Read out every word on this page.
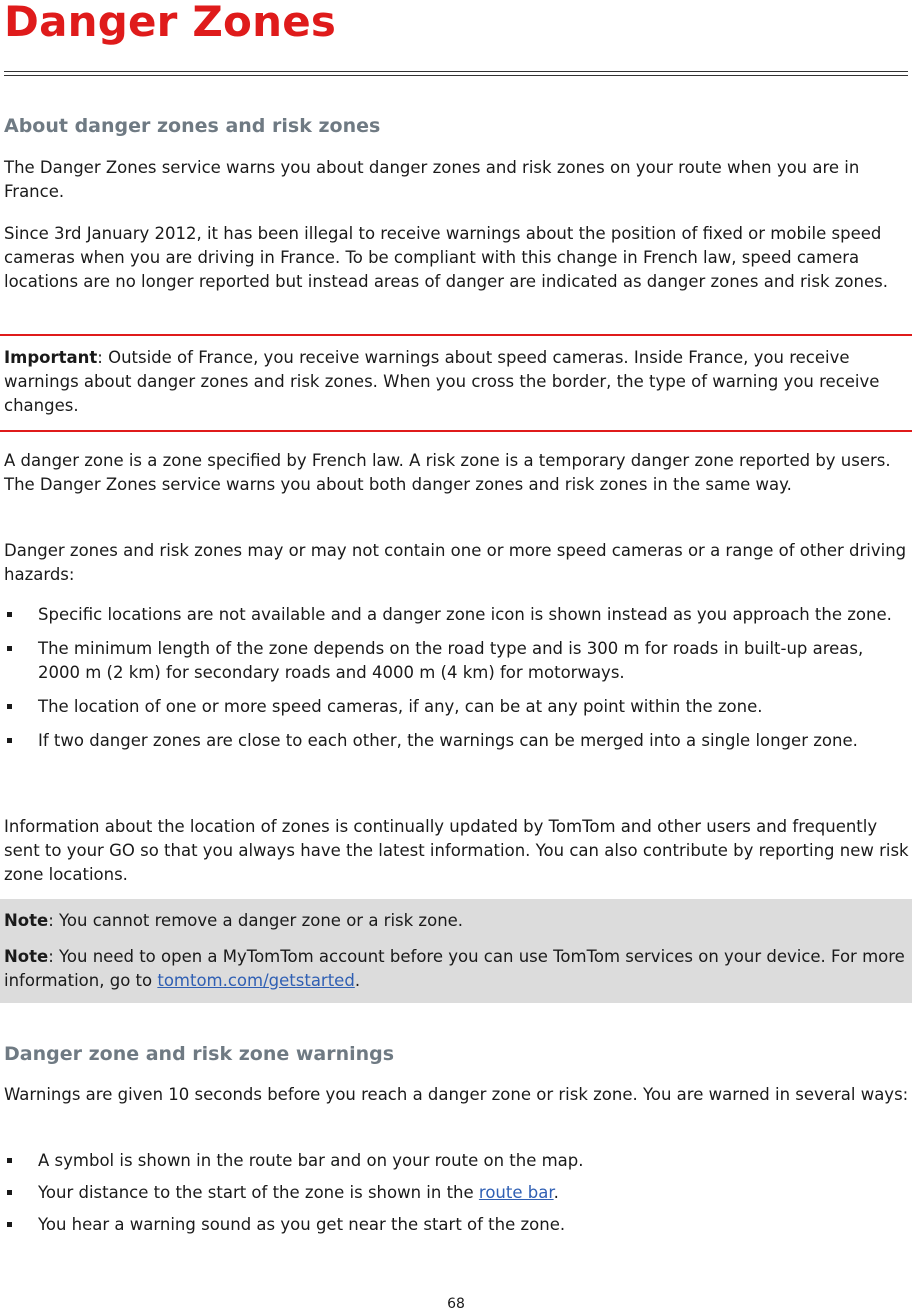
Danger Zones
About danger zones and risk zones

The Danger Zones service warns you about danger zones and risk zones on your route when you are in France.

Since 3rd January 2012, it has been illegal to receive warnings about the position of fixed or mobile speed cameras when you are driving in France. To be compliant with this change in French law, speed camera locations are no longer reported but instead areas of danger are indicated as danger zones and risk zones.

Important: Outside of France, you receive warnings about speed cameras. Inside France, you receive warnings about danger zones and risk zones. When you cross the border, the type of warning you receive changes.

A danger zone is a zone specified by French law. A risk zone is a temporary danger zone reported by users. The Danger Zones service warns you about both danger zones and risk zones in the same way.

Danger zones and risk zones may or may not contain one or more speed cameras or a range of other driving hazards:

Specific locations are not available and a danger zone icon is shown instead as you approach the zone.
The minimum length of the zone depends on the road type and is 300 m for roads in built-up areas, 2000 m (2 km) for secondary roads and 4000 m (4 km) for motorways.
The location of one or more speed cameras, if any, can be at any point within the zone.
If two danger zones are close to each other, the warnings can be merged into a single longer zone.

Information about the location of zones is continually updated by TomTom and other users and frequently sent to your GO so that you always have the latest information. You can also contribute by reporting new risk zone locations.

Note: You cannot remove a danger zone or a risk zone.

Note: You need to open a MyTomTom account before you can use TomTom services on your device. For more information, go to tomtom.com/getstarted.

Danger zone and risk zone warnings

Warnings are given 10 seconds before you reach a danger zone or risk zone. You are warned in several ways:

A symbol is shown in the route bar and on your route on the map.
Your distance to the start of the zone is shown in the route bar.
You hear a warning sound as you get near the start of the zone.
68
